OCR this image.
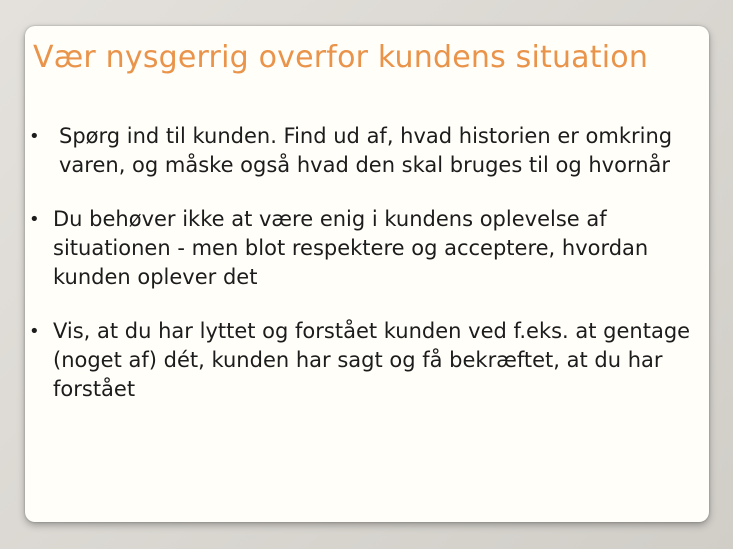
Vær nysgerrig overfor kundens situation
• Spørg ind til kunden. Find ud af, hvad historien er omkring varen, og måske også hvad den skal bruges til og hvornår
• Du behøver ikke at være enig i kundens oplevelse af situationen - men blot respektere og acceptere, hvordan kunden oplever det
• Vis, at du har lyttet og forstået kunden ved f.eks. at gentage (noget af) dét, kunden har sagt og få bekræftet, at du har forstået
